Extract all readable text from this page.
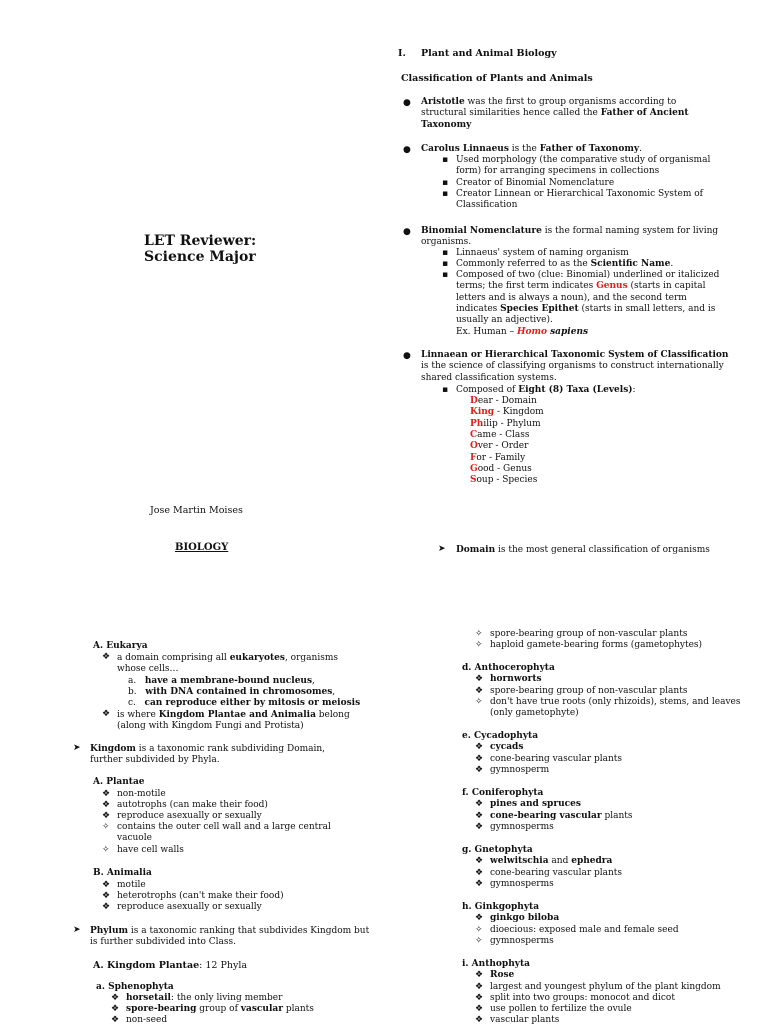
LET Reviewer:
Science Major
Jose Martin Moises
BIOLOGY
I. Plant and Animal Biology
Classification of Plants and Animals
● Aristotle was the first to group organisms according to structural similarities hence called the Father of Ancient Taxonomy
● Carolus Linnaeus is the Father of Taxonomy.
▪ Used morphology (the comparative study of organismal form) for arranging specimens in collections
▪ Creator of Binomial Nomenclature
▪ Creator Linnean or Hierarchical Taxonomic System of Classification
● Binomial Nomenclature is the formal naming system for living organisms.
▪ Linnaeus' system of naming organism
▪ Commonly referred to as the Scientific Name.
▪ Composed of two (clue: Binomial) underlined or italicized terms; the first term indicates Genus (starts in capital letters and is always a noun), and the second term indicates Species Epithet (starts in small letters, and is usually an adjective).
Ex. Human – Homo sapiens
● Linnaean or Hierarchical Taxonomic System of Classification is the science of classifying organisms to construct internationally shared classification systems.
▪ Composed of Eight (8) Taxa (Levels):
Dear - Domain
King - Kingdom
Philip - Phylum
Came - Class
Over - Order
For - Family
Good - Genus
Soup - Species
➤ Domain is the most general classification of organisms
A. Eukarya
❖ a domain comprising all eukaryotes, organisms whose cells…
a. have a membrane-bound nucleus,
b. with DNA contained in chromosomes,
c. can reproduce either by mitosis or meiosis
❖ is where Kingdom Plantae and Animalia belong (along with Kingdom Fungi and Protista)
➤ Kingdom is a taxonomic rank subdividing Domain, further subdivided by Phyla.
A. Plantae
❖ non-motile
❖ autotrophs (can make their food)
❖ reproduce asexually or sexually
✧ contains the outer cell wall and a large central vacuole
✧ have cell walls
B. Animalia
❖ motile
❖ heterotrophs (can't make their food)
❖ reproduce asexually or sexually
➤ Phylum is a taxonomic ranking that subdivides Kingdom but is further subdivided into Class.
A. Kingdom Plantae: 12 Phyla
a. Sphenophyta
❖ horsetail: the only living member
❖ spore-bearing group of vascular plants
❖ non-seed
✧ spore-bearing group of non-vascular plants
✧ haploid gamete-bearing forms (gametophytes)
d. Anthocerophyta
❖ hornworts
❖ spore-bearing group of non-vascular plants
✧ don't have true roots (only rhizoids), stems, and leaves (only gametophyte)
e. Cycadophyta
❖ cycads
❖ cone-bearing vascular plants
❖ gymnosperm
f. Coniferophyta
❖ pines and spruces
❖ cone-bearing vascular plants
❖ gymnosperms
g. Gnetophyta
❖ welwitschia and ephedra
❖ cone-bearing vascular plants
❖ gymnosperms
h. Ginkgophyta
❖ ginkgo biloba
✧ dioecious: exposed male and female seed
✧ gymnosperms
i. Anthophyta
❖ Rose
❖ largest and youngest phylum of the plant kingdom
❖ split into two groups: monocot and dicot
❖ use pollen to fertilize the ovule
❖ vascular plants
